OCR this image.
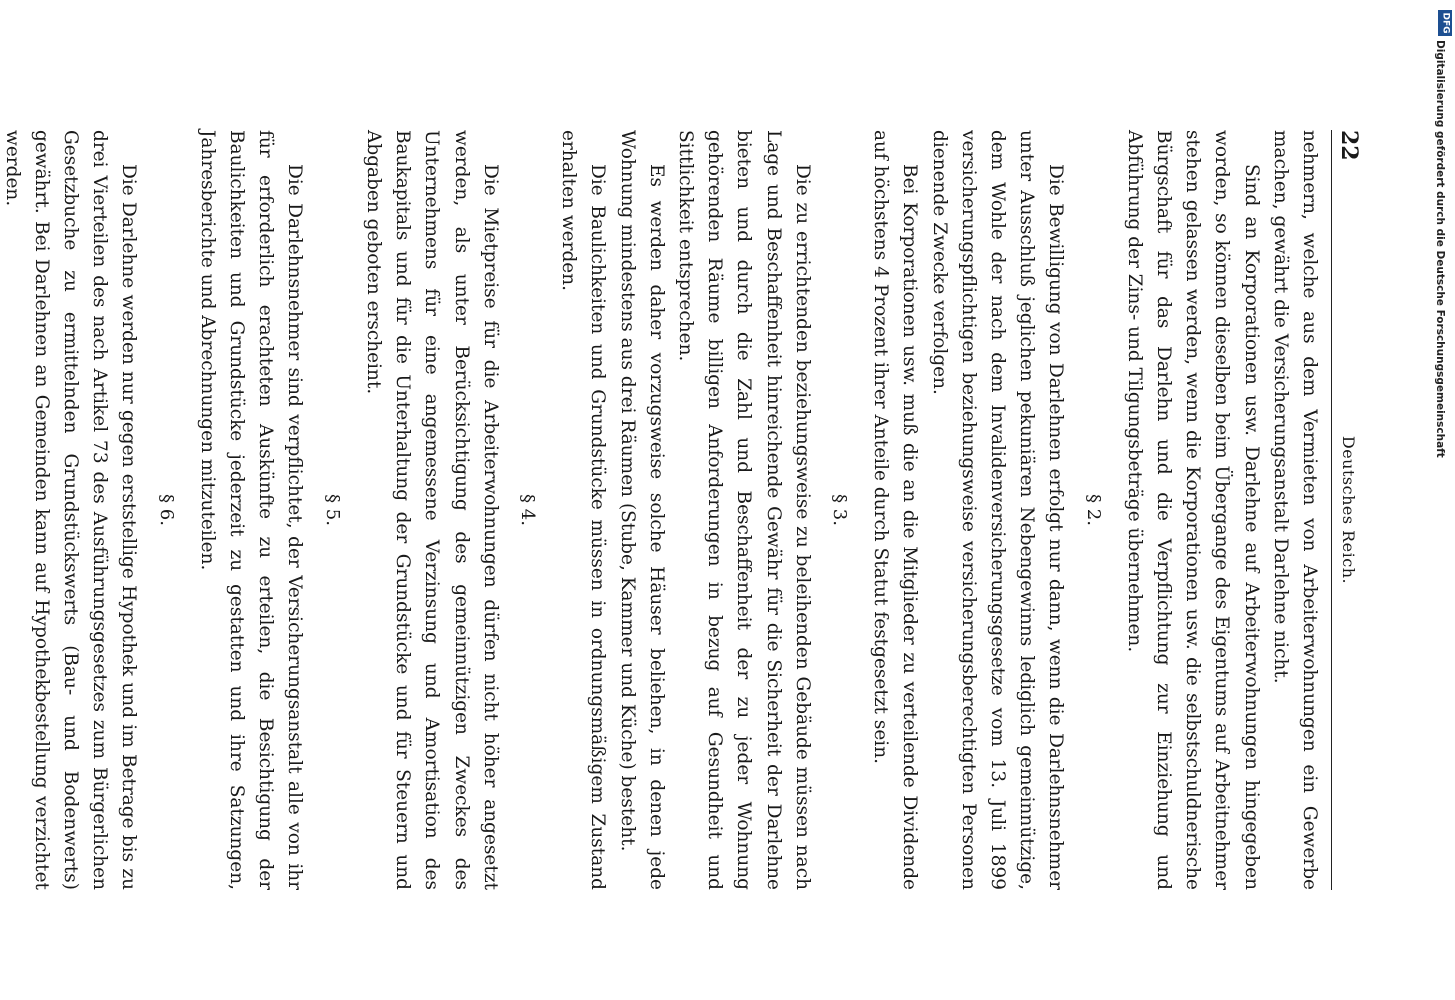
22
Deutsches Reich.

nehmern, welche aus dem Vermieten von Arbeiterwohnungen ein Gewerbe machen, gewährt die Versicherungsanstalt Darlehne nicht.

Sind an Korporationen usw. Darlehne auf Arbeiterwohnungen hingegeben worden, so können dieselben beim Übergange des Eigentums auf Arbeitnehmer stehen gelassen werden, wenn die Korporationen usw. die selbstschuldnerische Bürgschaft für das Darlehn und die Verpflichtung zur Einziehung und Abführung der Zins- und Tilgungsbeträge übernehmen.

§ 2.

Die Bewilligung von Darlehnen erfolgt nur dann, wenn die Darlehnsnehmer unter Ausschluß jeglichen pekuniären Nebengewinns lediglich gemeinnützige, dem Wohle der nach dem Invalidenversicherungsgesetze vom 13. Juli 1899 versicherungspflichtigen beziehungsweise versicherungsberechtigten Personen dienende Zwecke verfolgen.

Bei Korporationen usw. muß die an die Mitglieder zu verteilende Dividende auf höchstens 4 Prozent ihrer Anteile durch Statut festgesetzt sein.

§ 3.

Die zu errichtenden beziehungsweise zu beleihenden Gebäude müssen nach Lage und Beschaffenheit hinreichende Gewähr für die Sicherheit der Darlehne bieten und durch die Zahl und Beschaffenheit der zu jeder Wohnung gehörenden Räume billigen Anforderungen in bezug auf Gesundheit und Sittlichkeit entsprechen.

Es werden daher vorzugsweise solche Häuser beliehen, in denen jede Wohnung mindestens aus drei Räumen (Stube, Kammer und Küche) besteht.

Die Baulichkeiten und Grundstücke müssen in ordnungsmäßigem Zustand erhalten werden.

§ 4.

Die Mietpreise für die Arbeiterwohnungen dürfen nicht höher angesetzt werden, als unter Berücksichtigung des gemeinnützigen Zweckes des Unternehmens für eine angemessene Verzinsung und Amortisation des Baukapitals und für die Unterhaltung der Grundstücke und für Steuern und Abgaben geboten erscheint.

§ 5.

Die Darlehnsnehmer sind verpflichtet, der Versicherungsanstalt alle von ihr für erforderlich erachteten Auskünfte zu erteilen, die Besichtigung der Baulichkeiten und Grundstücke jederzeit zu gestatten und ihre Satzungen, Jahresberichte und Abrechnungen mitzuteilen.

§ 6.

Die Darlehne werden nur gegen erststellige Hypothek und im Betrage bis zu drei Vierteilen des nach Artikel 73 des Ausführungsgesetzes zum Bürgerlichen Gesetzbuche zu ermittelnden Grundstückswerts (Bau- und Bodenwerts) gewährt. Bei Darlehnen an Gemeinden kann auf Hypothekbestellung verzichtet werden.

DFG
Digitalisierung gefördert durch die Deutsche Forschungsgemeinschaft
